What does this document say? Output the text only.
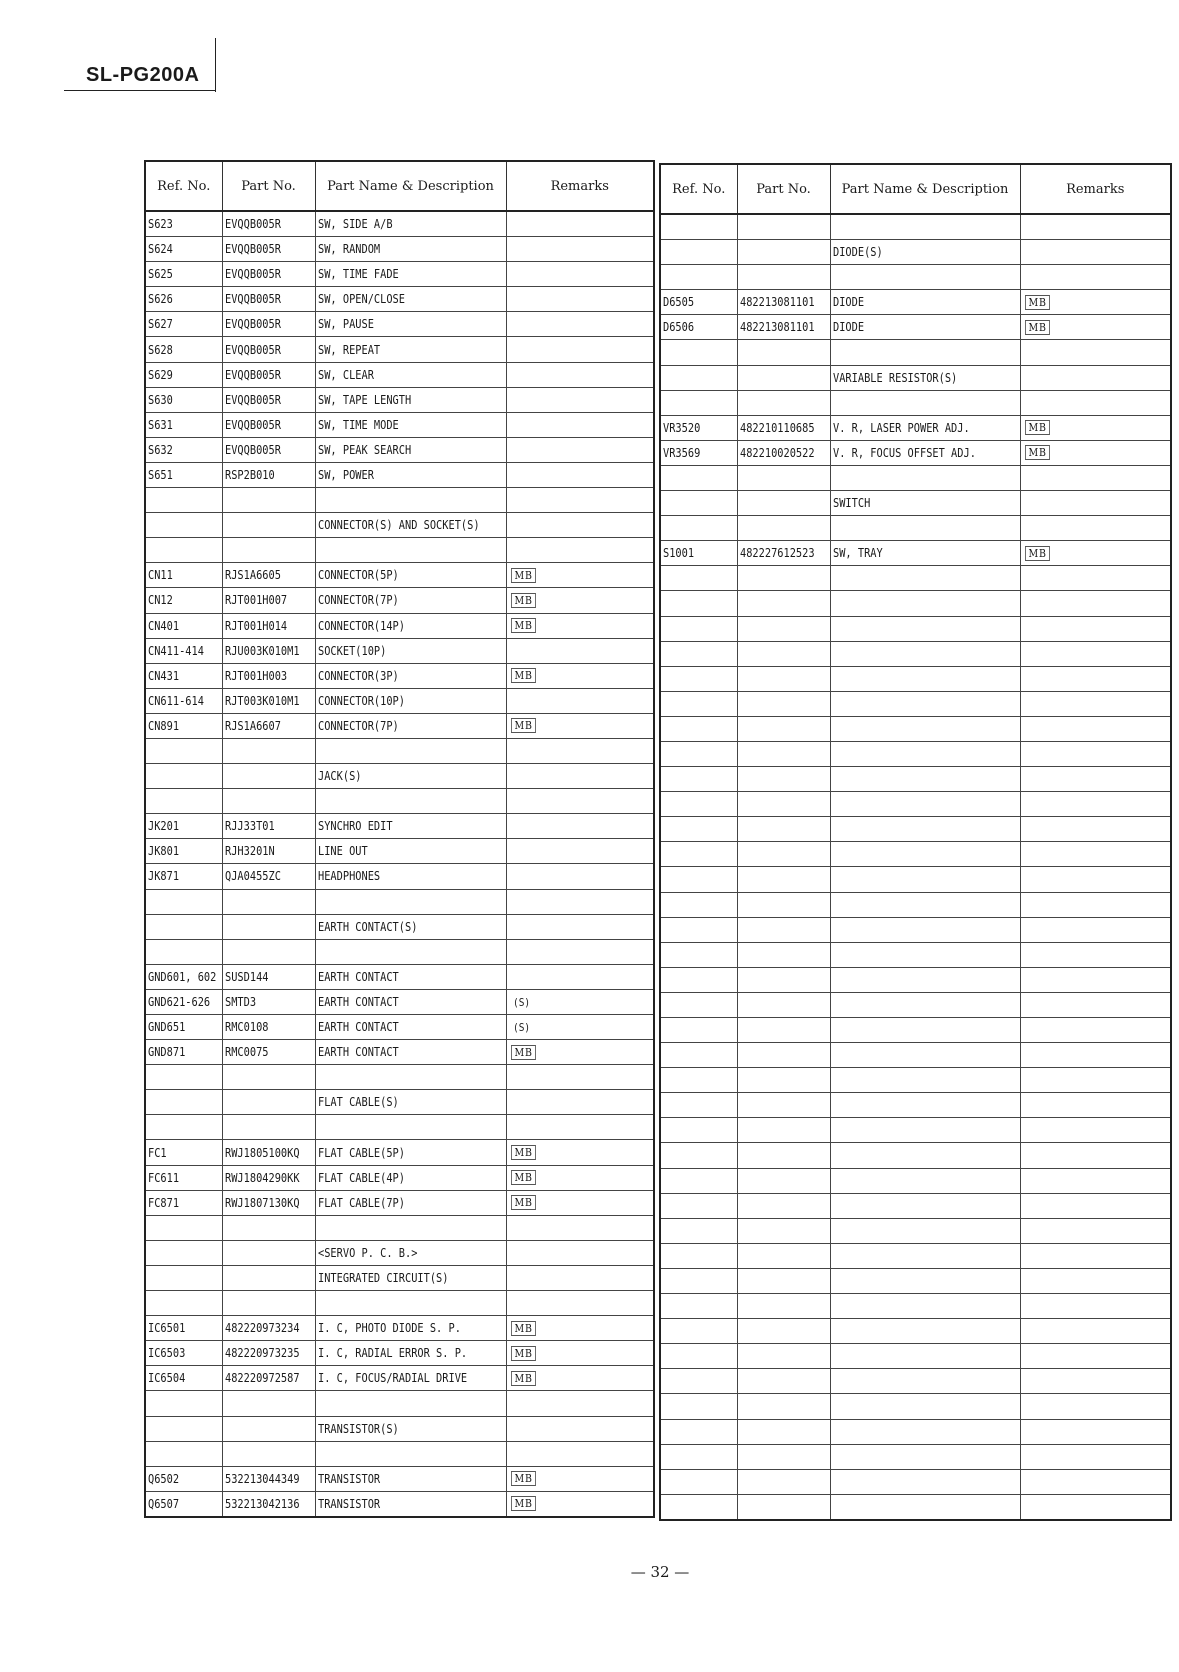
SL-PG200A
Ref. No.	Part No.	Part Name & Description	Remarks
S623	EVQQB005R	SW, SIDE A/B	
S624	EVQQB005R	SW, RANDOM	
S625	EVQQB005R	SW, TIME FADE	
S626	EVQQB005R	SW, OPEN/CLOSE	
S627	EVQQB005R	SW, PAUSE	
S628	EVQQB005R	SW, REPEAT	
S629	EVQQB005R	SW, CLEAR	
S630	EVQQB005R	SW, TAPE LENGTH	
S631	EVQQB005R	SW, TIME MODE	
S632	EVQQB005R	SW, PEAK SEARCH	
S651	RSP2B010	SW, POWER	

		CONNECTOR(S) AND SOCKET(S)	

CN11	RJS1A6605	CONNECTOR(5P)	MB
CN12	RJT001H007	CONNECTOR(7P)	MB
CN401	RJT001H014	CONNECTOR(14P)	MB
CN411-414	RJU003K010M1	SOCKET(10P)	
CN431	RJT001H003	CONNECTOR(3P)	MB
CN611-614	RJT003K010M1	CONNECTOR(10P)	
CN891	RJS1A6607	CONNECTOR(7P)	MB

		JACK(S)	

JK201	RJJ33T01	SYNCHRO EDIT	
JK801	RJH3201N	LINE OUT	
JK871	QJA0455ZC	HEADPHONES	

		EARTH CONTACT(S)	

GND601, 602	SUSD144	EARTH CONTACT	
GND621-626	SMTD3	EARTH CONTACT	(S)
GND651	RMC0108	EARTH CONTACT	(S)
GND871	RMC0075	EARTH CONTACT	MB

		FLAT CABLE(S)	

FC1	RWJ1805100KQ	FLAT CABLE(5P)	MB
FC611	RWJ1804290KK	FLAT CABLE(4P)	MB
FC871	RWJ1807130KQ	FLAT CABLE(7P)	MB

		<SERVO P. C. B.>	
		INTEGRATED CIRCUIT(S)	

IC6501	482220973234	I. C, PHOTO DIODE S. P.	MB
IC6503	482220973235	I. C, RADIAL ERROR S. P.	MB
IC6504	482220972587	I. C, FOCUS/RADIAL DRIVE	MB

		TRANSISTOR(S)	

Q6502	532213044349	TRANSISTOR	MB
Q6507	532213042136	TRANSISTOR	MB
Ref. No.	Part No.	Part Name & Description	Remarks

		DIODE(S)	

D6505	482213081101	DIODE	MB
D6506	482213081101	DIODE	MB

		VARIABLE RESISTOR(S)	

VR3520	482210110685	V. R, LASER POWER ADJ.	MB
VR3569	482210020522	V. R, FOCUS OFFSET ADJ.	MB

		SWITCH	

S1001	482227612523	SW, TRAY	MB

— 32 —
